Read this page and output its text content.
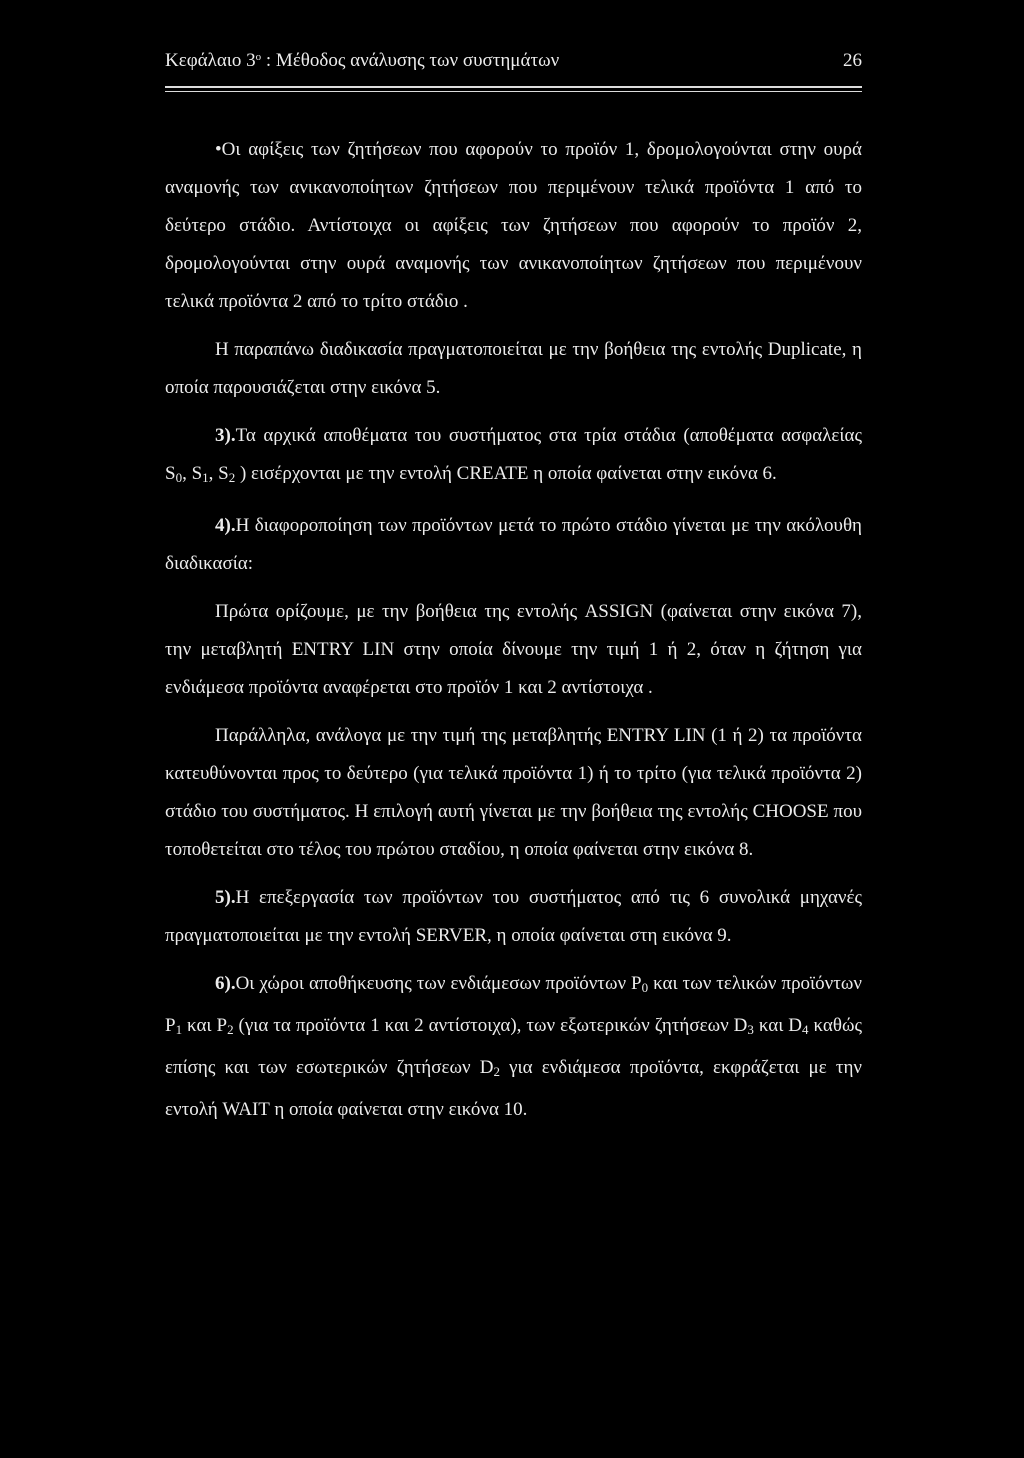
Κεφάλαιο $3^o$ : Μέθοδος ανάλυσης των συστημάτων	26

•Οι αφίξεις των ζητήσεων που αφορούν το προϊόν 1, δρομολογούνται στην ουρά αναμονής των ανικανοποίητων ζητήσεων που περιμένουν τελικά προϊόντα 1 από το δεύτερο στάδιο. Αντίστοιχα οι αφίξεις των ζητήσεων που αφορούν το προϊόν 2, δρομολογούνται στην ουρά αναμονής των ανικανοποίητων ζητήσεων που περιμένουν τελικά προϊόντα 2 από το τρίτο στάδιο .

Η παραπάνω διαδικασία πραγματοποιείται με την βοήθεια της εντολής Duplicate, η οποία παρουσιάζεται στην εικόνα 5.

3).Τα αρχικά αποθέματα του συστήματος στα τρία στάδια (αποθέματα ασφαλείας $S_0$, $S_1$, $S_2$ ) εισέρχονται με την εντολή CREATE η οποία φαίνεται στην εικόνα 6.

4).Η διαφοροποίηση των προϊόντων μετά το πρώτο στάδιο γίνεται με την ακόλουθη διαδικασία:

Πρώτα ορίζουμε, με την βοήθεια της εντολής ASSIGN (φαίνεται στην εικόνα 7), την μεταβλητή ENTRY LIN στην οποία δίνουμε την τιμή 1 ή 2, όταν η ζήτηση για ενδιάμεσα προϊόντα αναφέρεται στο προϊόν 1 και 2 αντίστοιχα .

Παράλληλα, ανάλογα με την τιμή της μεταβλητής ENTRY LIN (1 ή 2) τα προϊόντα κατευθύνονται προς το δεύτερο (για τελικά προϊόντα 1) ή το τρίτο (για τελικά προϊόντα 2) στάδιο του συστήματος. Η επιλογή αυτή γίνεται με την βοήθεια της εντολής CHOOSE που τοποθετείται στο τέλος του πρώτου σταδίου, η οποία φαίνεται στην εικόνα 8.

5).Η επεξεργασία των προϊόντων του συστήματος από τις 6 συνολικά μηχανές πραγματοποιείται με την εντολή SERVER, η οποία φαίνεται στη εικόνα 9.

6).Οι χώροι αποθήκευσης των ενδιάμεσων προϊόντων $P_0$ και των τελικών προϊόντων $P_1$ και $P_2$ (για τα προϊόντα 1 και 2 αντίστοιχα), των εξωτερικών ζητήσεων $D_3$ και $D_4$ καθώς επίσης και των εσωτερικών ζητήσεων $D_2$ για ενδιάμεσα προϊόντα, εκφράζεται με την εντολή WAIT η οποία φαίνεται στην εικόνα 10.
